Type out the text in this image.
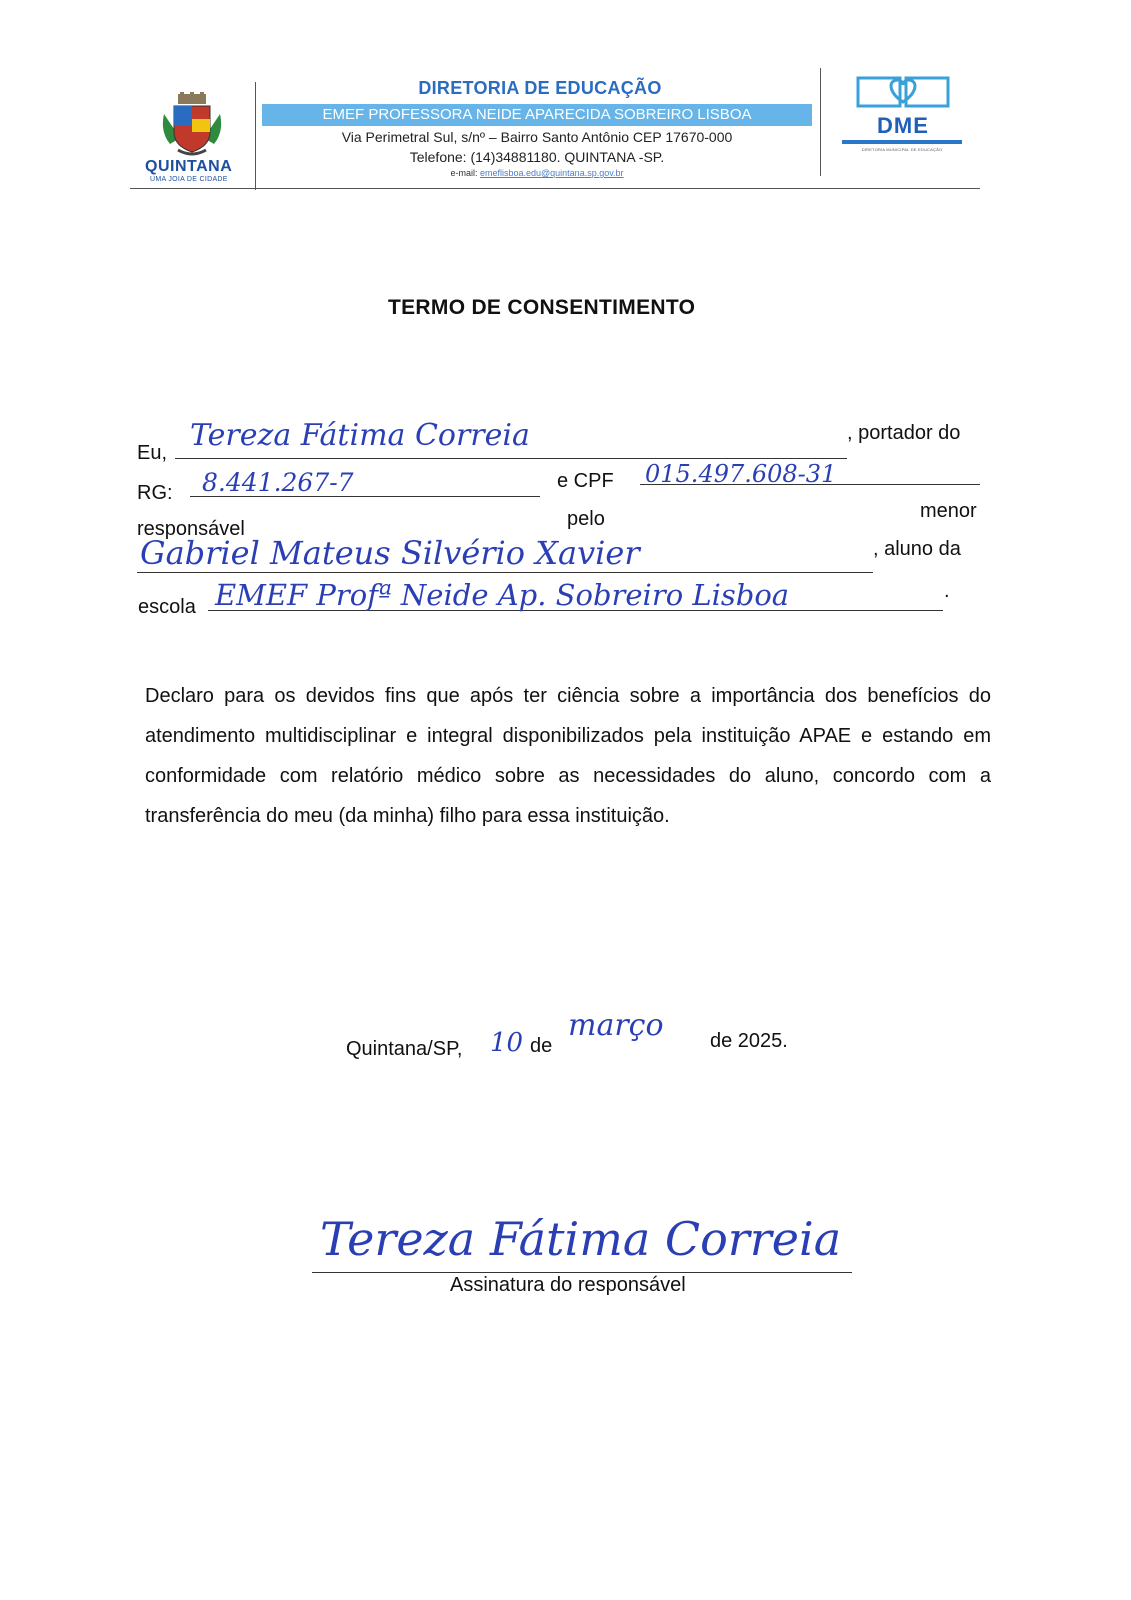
QUINTANA
UMA JOIA DE CIDADE
DIRETORIA DE EDUCAÇÃO
EMEF PROFESSORA NEIDE APARECIDA SOBREIRO LISBOA
Via Perimetral Sul, s/nº – Bairro Santo Antônio CEP 17670-000
Telefone: (14)34881180. QUINTANA -SP.
e-mail: emeflisboa.edu@quintana.sp.gov.br
DME
DIRETORIA MUNICIPAL DE EDUCAÇÃO
TERMO DE CONSENTIMENTO
Eu, Tereza Fátima Correia	, portador do
RG: 8.441.267-7	e CPF 015.497.608-31
responsável	pelo	menor
Gabriel Mateus Silvério Xavier	, aluno da
escola EMEF Profª Neide Ap. Sobreiro Lisboa	.
Declaro para os devidos fins que após ter ciência sobre a importância dos benefícios do atendimento multidisciplinar e integral disponibilizados pela instituição APAE e estando em conformidade com relatório médico sobre as necessidades do aluno, concordo com a transferência do meu (da minha) filho para essa instituição.
Quintana/SP, 10 de
março de 2025.
Tereza Fátima Correia
Assinatura do responsável
